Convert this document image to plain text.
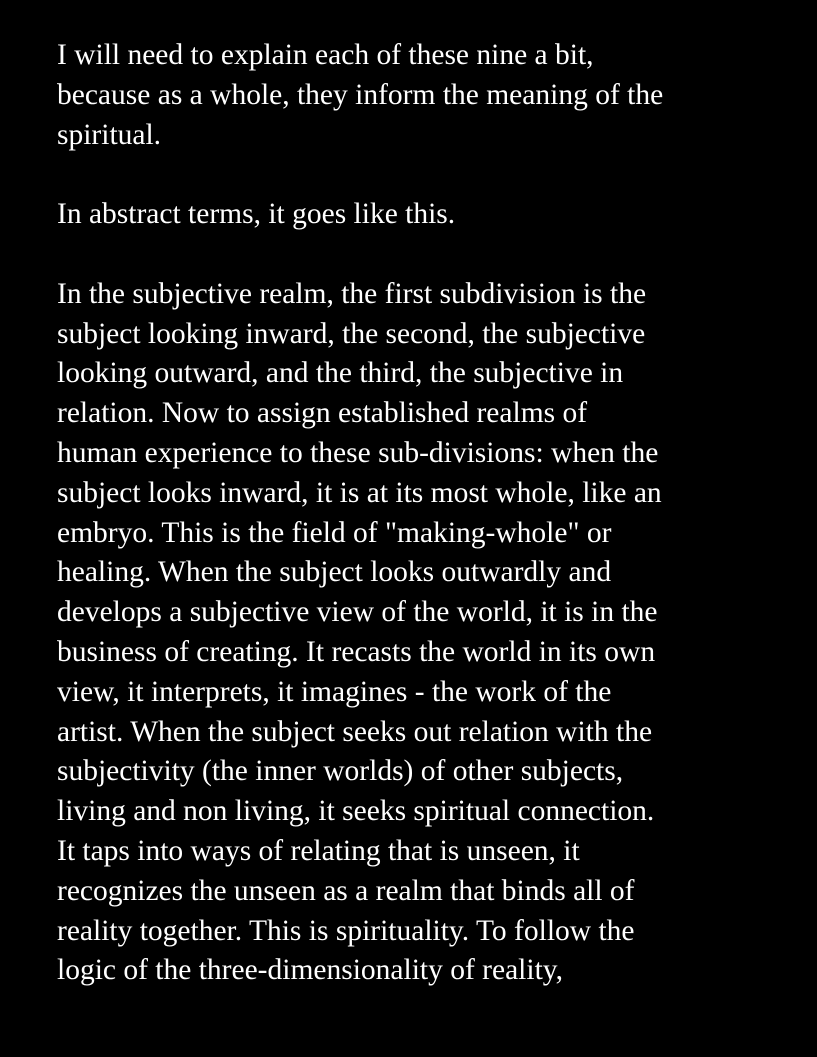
I will need to explain each of these nine a bit,
because as a whole, they inform the meaning of the
spiritual.
In abstract terms, it goes like this.
In the subjective realm, the first subdivision is the
subject looking inward, the second, the subjective
looking outward, and the third, the subjective in
relation. Now to assign established realms of
human experience to these sub-divisions: when the
subject looks inward, it is at its most whole, like an
embryo. This is the field of "making-whole" or
healing. When the subject looks outwardly and
develops a subjective view of the world, it is in the
business of creating. It recasts the world in its own
view, it interprets, it imagines - the work of the
artist. When the subject seeks out relation with the
subjectivity (the inner worlds) of other subjects,
living and non living, it seeks spiritual connection.
It taps into ways of relating that is unseen, it
recognizes the unseen as a realm that binds all of
reality together. This is spirituality. To follow the
logic of the three-dimensionality of reality,
